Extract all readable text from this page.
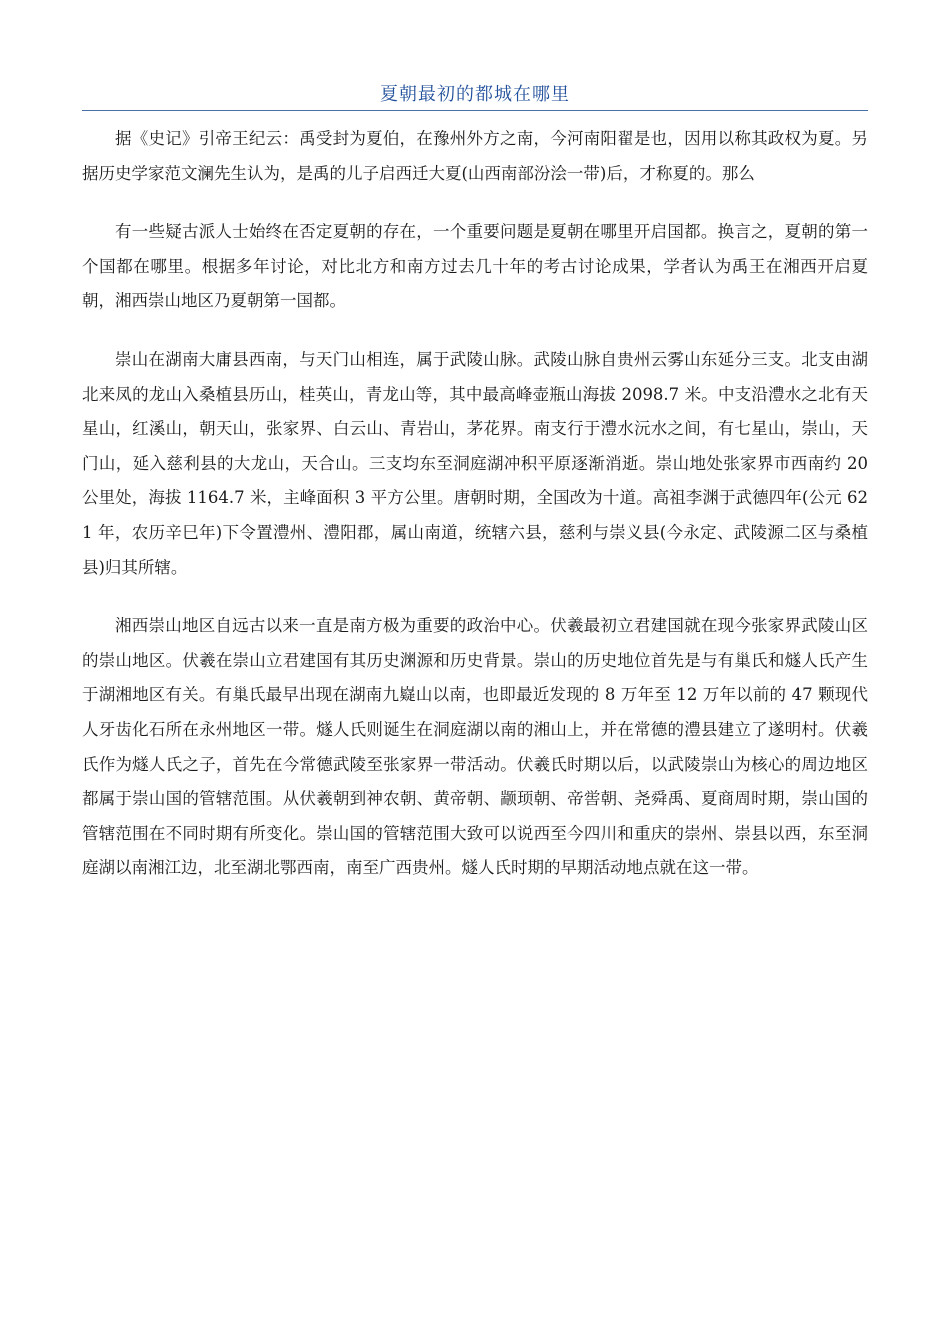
夏朝最初的都城在哪里

据《史记》引帝王纪云：禹受封为夏伯，在豫州外方之南，今河南阳翟是也，因用以称其政权为夏。另据历史学家范文澜先生认为，是禹的儿子启西迁大夏(山西南部汾浍一带)后，才称夏的。那么

有一些疑古派人士始终在否定夏朝的存在，一个重要问题是夏朝在哪里开启国都。换言之，夏朝的第一个国都在哪里。根据多年讨论，对比北方和南方过去几十年的考古讨论成果，学者认为禹王在湘西开启夏朝，湘西崇山地区乃夏朝第一国都。

崇山在湖南大庸县西南，与天门山相连，属于武陵山脉。武陵山脉自贵州云雾山东延分三支。北支由湖北来凤的龙山入桑植县历山，桂英山，青龙山等，其中最高峰壶瓶山海拔 2098.7 米。中支沿澧水之北有天星山，红溪山，朝天山，张家界、白云山、青岩山，茅花界。南支行于澧水沅水之间，有七星山，崇山，天门山，延入慈利县的大龙山，天合山。三支均东至洞庭湖冲积平原逐渐消逝。崇山地处张家界市西南约 20 公里处，海拔 1164.7 米，主峰面积 3 平方公里。唐朝时期，全国改为十道。高祖李渊于武德四年(公元 621 年，农历辛巳年)下令置澧州、澧阳郡，属山南道，统辖六县，慈利与崇义县(今永定、武陵源二区与桑植县)归其所辖。

湘西崇山地区自远古以来一直是南方极为重要的政治中心。伏羲最初立君建国就在现今张家界武陵山区的崇山地区。伏羲在崇山立君建国有其历史渊源和历史背景。崇山的历史地位首先是与有巢氏和燧人氏产生于湖湘地区有关。有巢氏最早出现在湖南九嶷山以南，也即最近发现的 8 万年至 12 万年以前的 47 颗现代人牙齿化石所在永州地区一带。燧人氏则诞生在洞庭湖以南的湘山上，并在常德的澧县建立了遂明村。伏羲氏作为燧人氏之子，首先在今常德武陵至张家界一带活动。伏羲氏时期以后，以武陵崇山为核心的周边地区都属于崇山国的管辖范围。从伏羲朝到神农朝、黄帝朝、颛顼朝、帝喾朝、尧舜禹、夏商周时期，崇山国的管辖范围在不同时期有所变化。崇山国的管辖范围大致可以说西至今四川和重庆的崇州、崇县以西，东至洞庭湖以南湘江边，北至湖北鄂西南，南至广西贵州。燧人氏时期的早期活动地点就在这一带。
